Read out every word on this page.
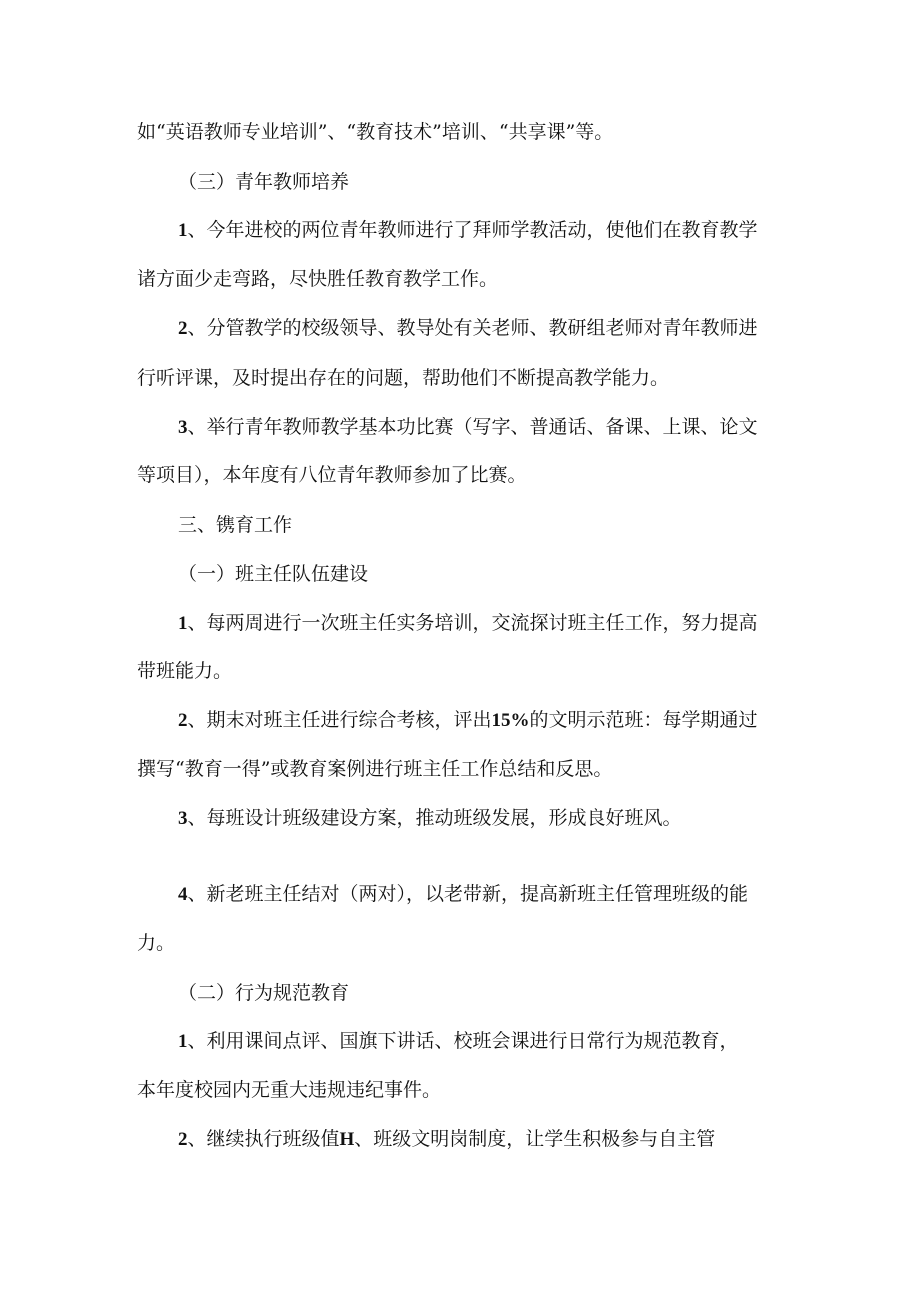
如“英语教师专业培训”、“教育技术”培训、“共享课”等。

（三）青年教师培养

1、今年进校的两位青年教师进行了拜师学教活动，使他们在教育教学

诸方面少走弯路，尽快胜任教育教学工作。

2、分管教学的校级领导、教导处有关老师、教研组老师对青年教师进

行听评课，及时提出存在的问题，帮助他们不断提高教学能力。

3、举行青年教师教学基本功比赛（写字、普通话、备课、上课、论文

等项目），本年度有八位青年教师参加了比赛。

三、镌育工作

（一）班主任队伍建设

1、每两周进行一次班主任实务培训，交流探讨班主任工作，努力提高

带班能力。

2、期末对班主任进行综合考核，评出15%的文明示范班：每学期通过

撰写“教育一得”或教育案例进行班主任工作总结和反思。

3、每班设计班级建设方案，推动班级发展，形成良好班风。

4、新老班主任结对（两对），以老带新，提高新班主任管理班级的能

力。

（二）行为规范教育

1、利用课间点评、国旗下讲话、校班会课进行日常行为规范教育，

本年度校园内无重大违规违纪事件。

2、继续执行班级值H、班级文明岗制度，让学生积极参与自主管
